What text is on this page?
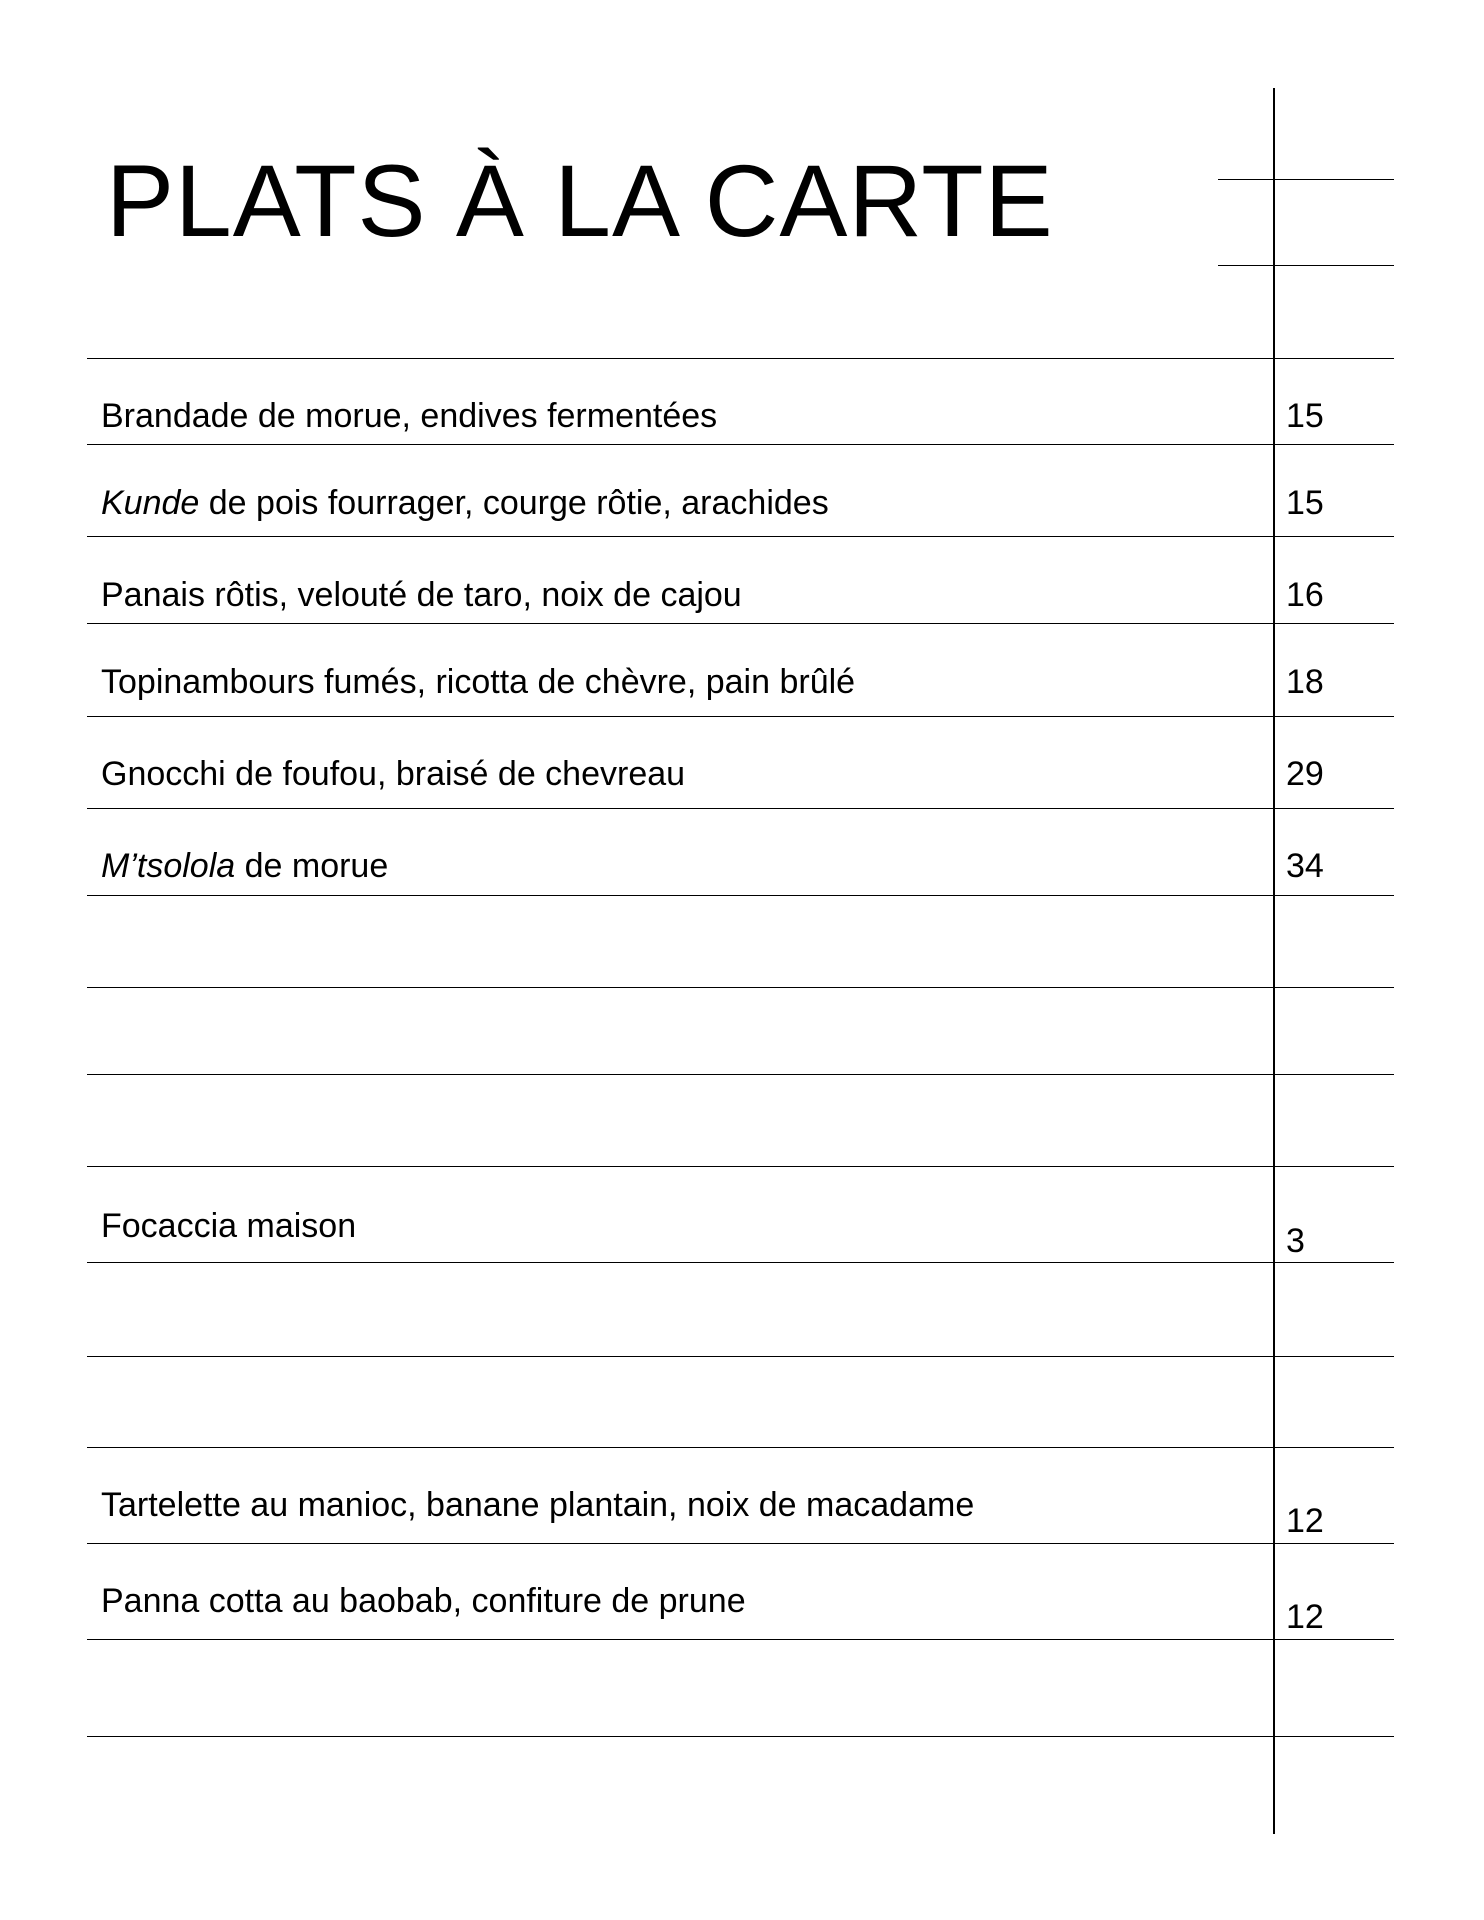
PLATS À LA CARTE
Brandade de morue, endives fermentées	15
Kunde de pois fourrager, courge rôtie, arachides	15
Panais rôtis, velouté de taro, noix de cajou	16
Topinambours fumés, ricotta de chèvre, pain brûlé	18
Gnocchi de foufou, braisé de chevreau	29
M’tsolola de morue	34
Focaccia maison	3
Tartelette au manioc, banane plantain, noix de macadame	12
Panna cotta au baobab, confiture de prune	12
